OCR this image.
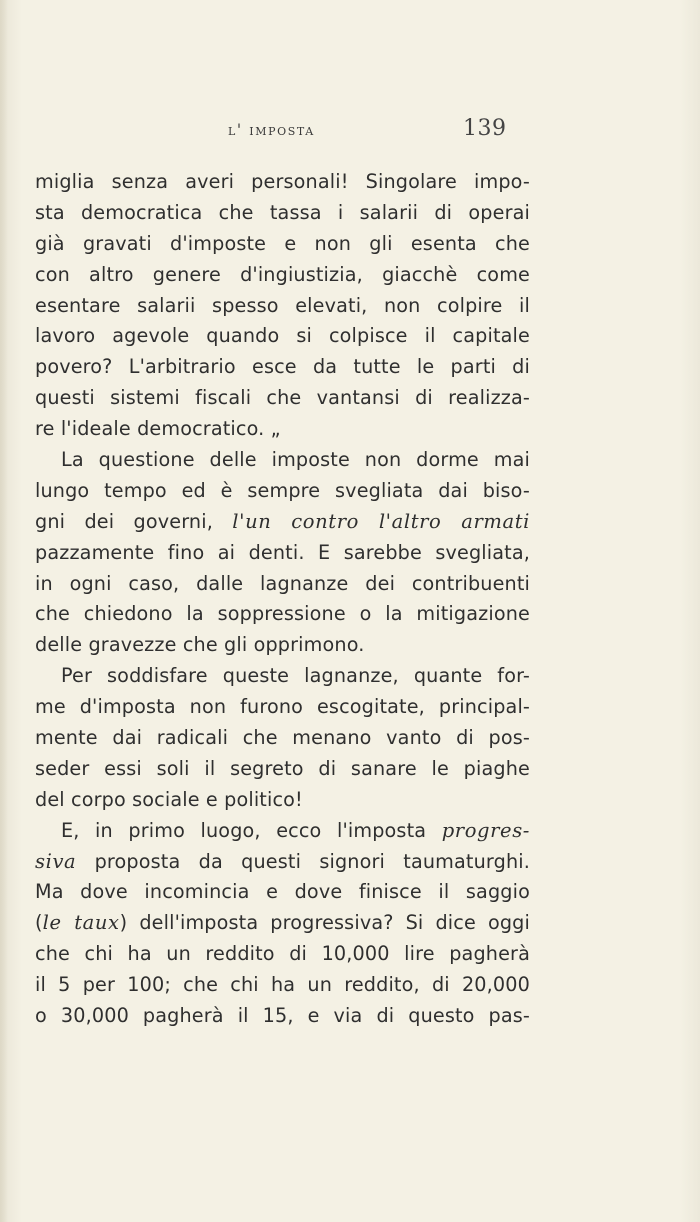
l' imposta	139
miglia senza averi personali! Singolare impo-
sta democratica che tassa i salarii di operai
già gravati d'imposte e non gli esenta che
con altro genere d'ingiustizia, giacchè come
esentare salarii spesso elevati, non colpire il
lavoro agevole quando si colpisce il capitale
povero? L'arbitrario esce da tutte le parti di
questi sistemi fiscali che vantansi di realizza-
re l'ideale democratico. „
La questione delle imposte non dorme mai
lungo tempo ed è sempre svegliata dai biso-
gni dei governi, l'un contro l'altro armati
pazzamente fino ai denti. E sarebbe svegliata,
in ogni caso, dalle lagnanze dei contribuenti
che chiedono la soppressione o la mitigazione
delle gravezze che gli opprimono.
Per soddisfare queste lagnanze, quante for-
me d'imposta non furono escogitate, principal-
mente dai radicali che menano vanto di pos-
seder essi soli il segreto di sanare le piaghe
del corpo sociale e politico!
E, in primo luogo, ecco l'imposta progres-
siva proposta da questi signori taumaturghi.
Ma dove incomincia e dove finisce il saggio
(le taux) dell'imposta progressiva? Si dice oggi
che chi ha un reddito di 10,000 lire pagherà
il 5 per 100; che chi ha un reddito, di 20,000
o 30,000 pagherà il 15, e via di questo pas-
